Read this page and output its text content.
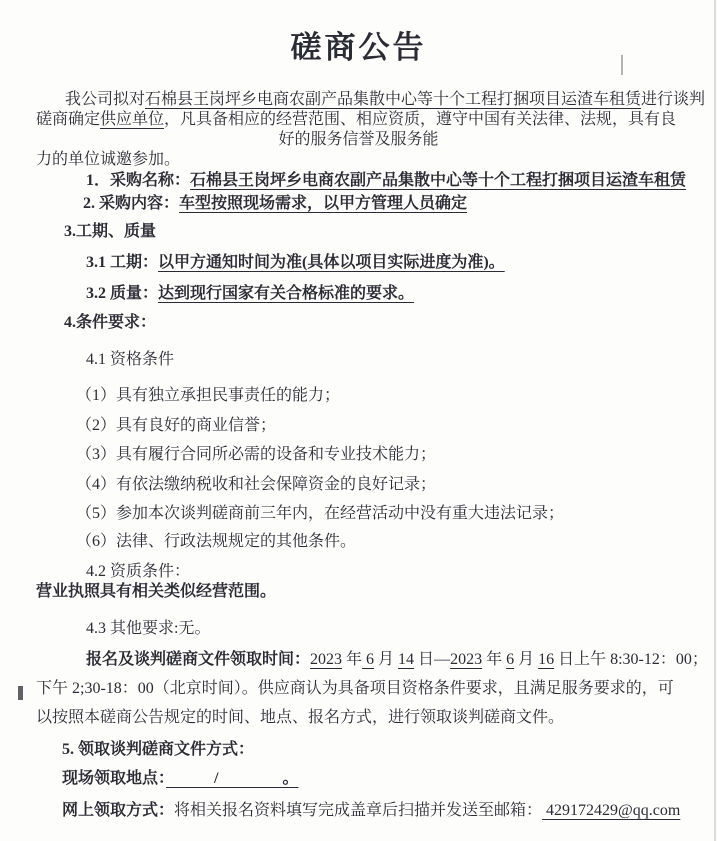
磋商公告
我公司拟对石棉县王岗坪乡电商农副产品集散中心等十个工程打捆项目运渣车租赁进行谈判
磋商确定供应单位，凡具备相应的经营范围、相应资质，遵守中国有关法律、法规，具有良
好的服务信誉及服务能
力的单位诚邀参加。
1．采购名称：石棉县王岗坪乡电商农副产品集散中心等十个工程打捆项目运渣车租赁
2. 采购内容：车型按照现场需求，以甲方管理人员确定
3.工期、质量
3.1 工期：以甲方通知时间为准(具体以项目实际进度为准)。
3.2 质量：达到现行国家有关合格标准的要求。
4.条件要求：
4.1 资格条件
（1）具有独立承担民事责任的能力；
（2）具有良好的商业信誉；
（3）具有履行合同所必需的设备和专业技术能力；
（4）有依法缴纳税收和社会保障资金的良好记录；
（5）参加本次谈判磋商前三年内，在经营活动中没有重大违法记录；
（6）法律、行政法规规定的其他条件。
4.2 资质条件：
营业执照具有相关类似经营范围。
4.3 其他要求:无。
报名及谈判磋商文件领取时间：2023 年 6 月 14 日—2023 年 6 月 16 日上午 8:30-12：00；
下午 2;30-18：00（北京时间）。供应商认为具备项目资格条件要求，且满足服务要求的，可
以按照本磋商公告规定的时间、地点、报名方式，进行领取谈判磋商文件。
5. 领取谈判磋商文件方式：
现场领取地点：　　　/　　　　。
网上领取方式：将相关报名资料填写完成盖章后扫描并发送至邮箱： 429172429@qq.com
